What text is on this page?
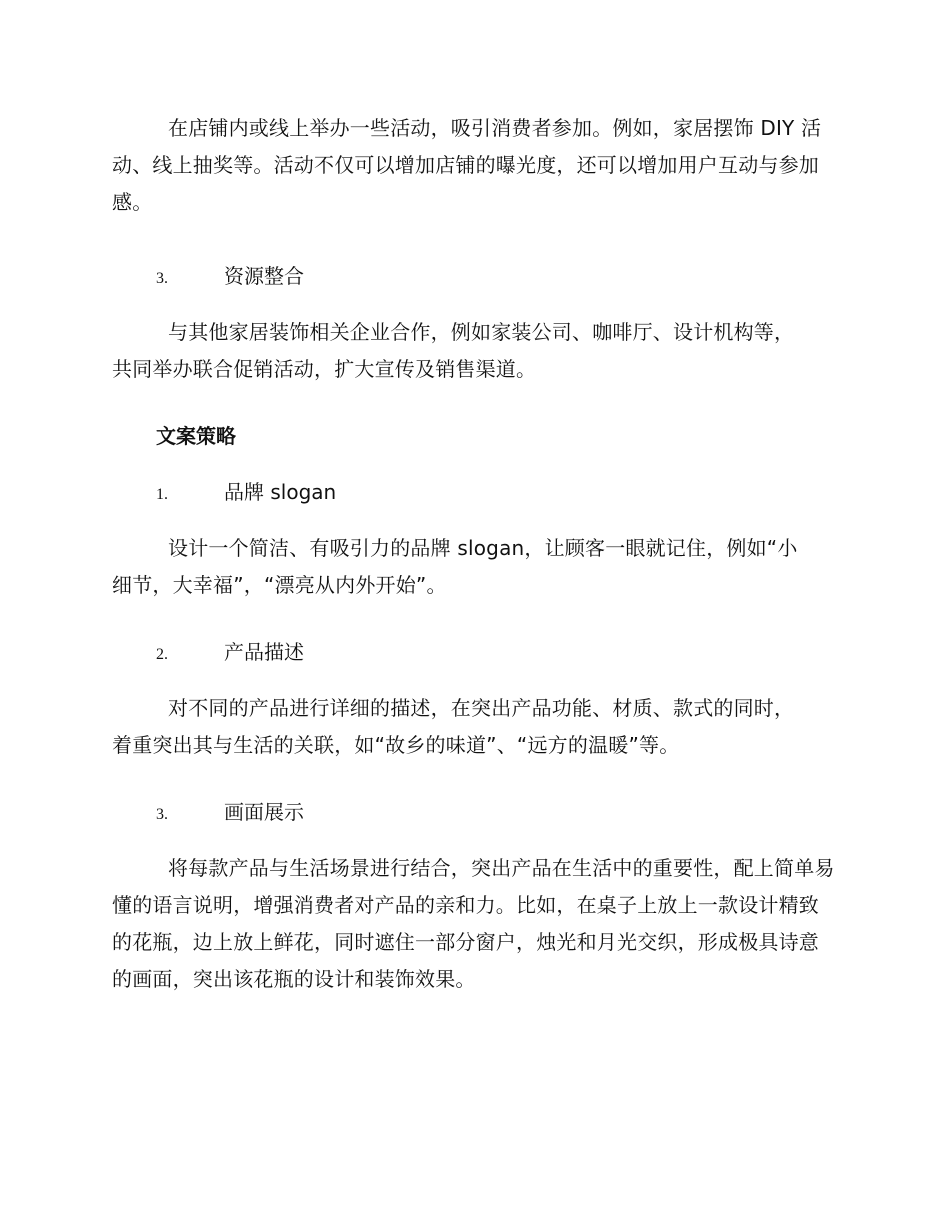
在店铺内或线上举办一些活动，吸引消费者参加。例如，家居摆饰 DIY 活动、线上抽奖等。活动不仅可以增加店铺的曝光度，还可以增加用户互动与参加感。

3.	资源整合

与其他家居装饰相关企业合作，例如家装公司、咖啡厅、设计机构等，共同举办联合促销活动，扩大宣传及销售渠道。

文案策略
1.	品牌 slogan

设计一个简洁、有吸引力的品牌 slogan，让顾客一眼就记住，例如“小细节，大幸福”，“漂亮从内外开始”。

2.	产品描述

对不同的产品进行详细的描述，在突出产品功能、材质、款式的同时，着重突出其与生活的关联，如“故乡的味道”、“远方的温暖”等。

3.	画面展示

将每款产品与生活场景进行结合，突出产品在生活中的重要性，配上简单易懂的语言说明，增强消费者对产品的亲和力。比如，在桌子上放上一款设计精致的花瓶，边上放上鲜花，同时遮住一部分窗户，烛光和月光交织，形成极具诗意的画面，突出该花瓶的设计和装饰效果。
